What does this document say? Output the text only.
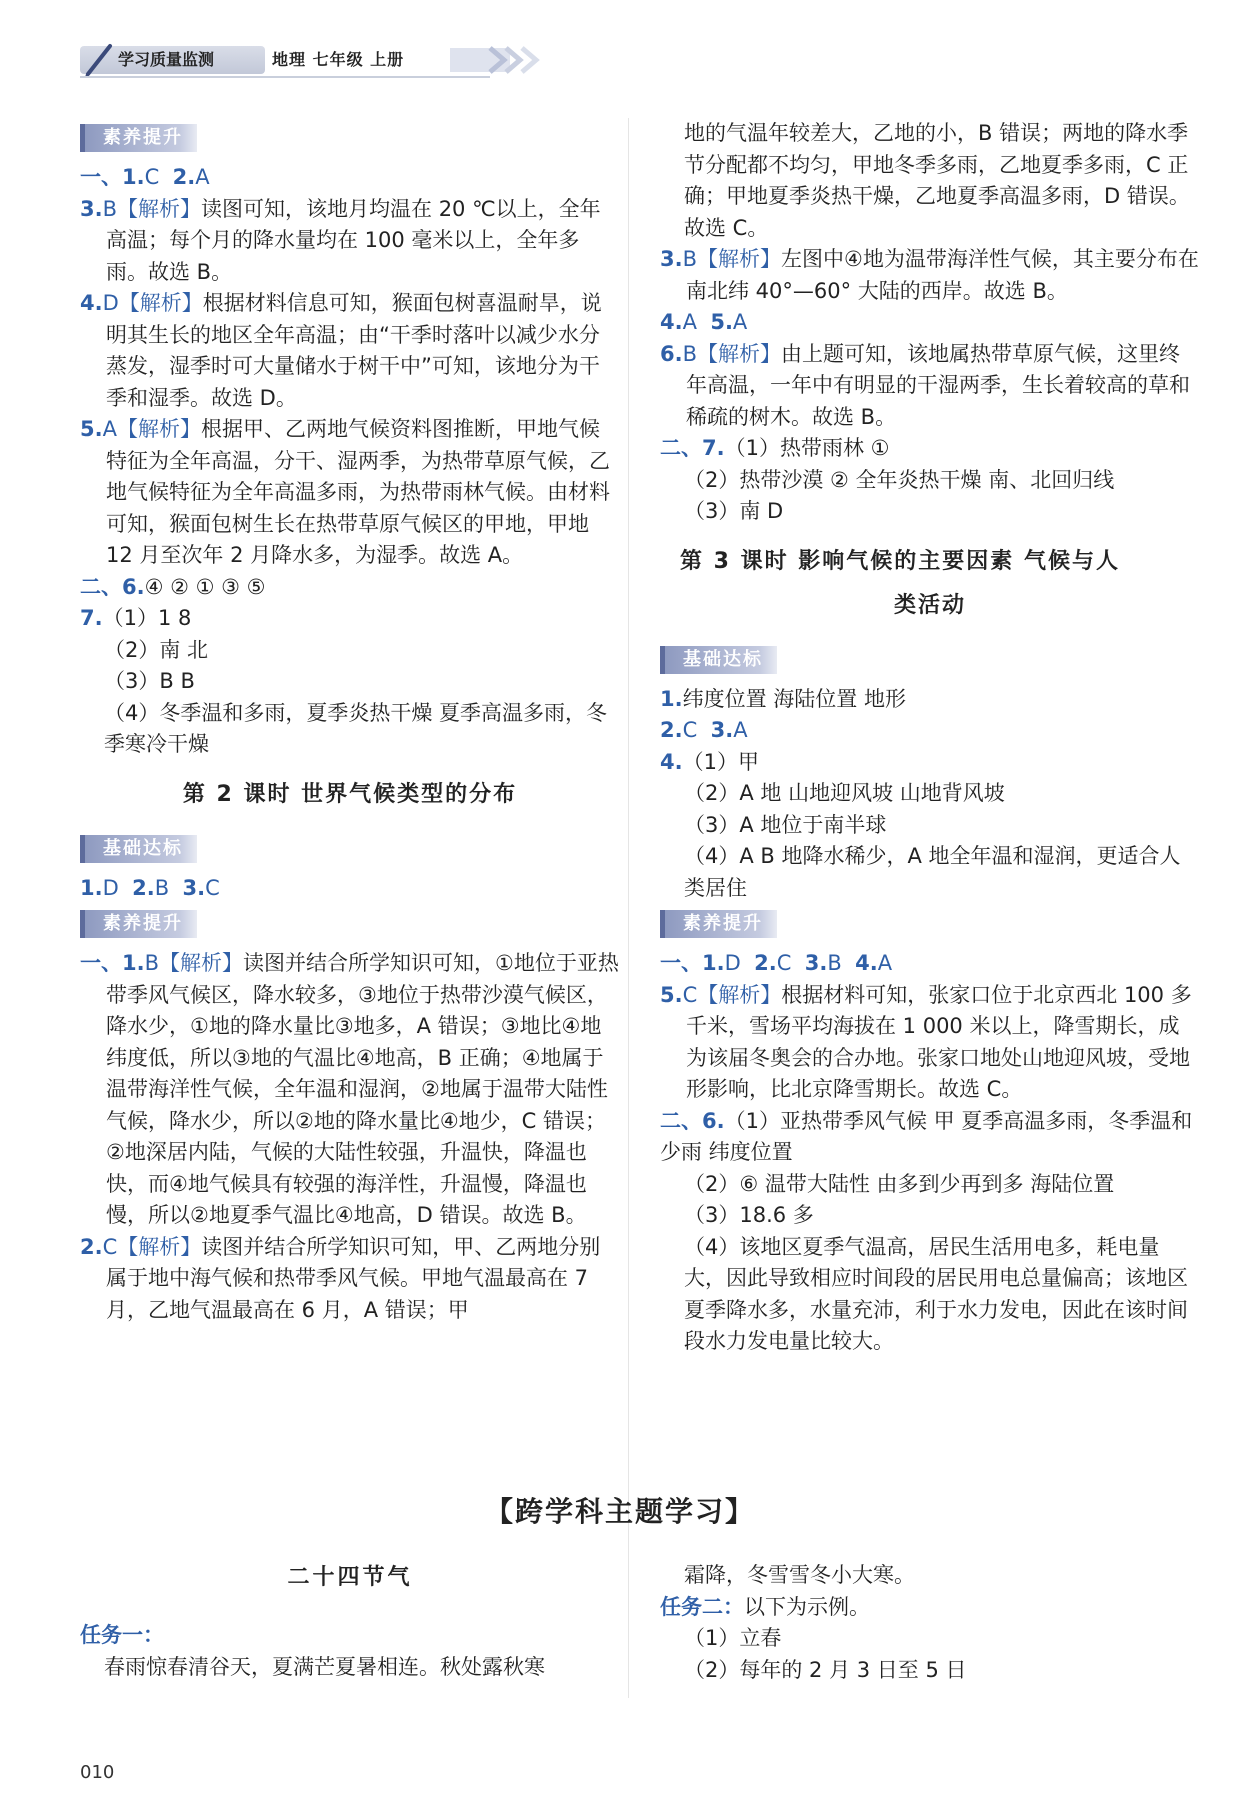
学习质量监测	地理 七年级 上册
素养提升

一、1.C 2.A

3.B【解析】读图可知，该地月均温在 20 ℃以上，全年高温；每个月的降水量均在 100 毫米以上，全年多雨。故选 B。

4.D【解析】根据材料信息可知，猴面包树喜温耐旱，说明其生长的地区全年高温；由“干季时落叶以减少水分蒸发，湿季时可大量储水于树干中”可知，该地分为干季和湿季。故选 D。

5.A【解析】根据甲、乙两地气候资料图推断，甲地气候特征为全年高温，分干、湿两季，为热带草原气候，乙地气候特征为全年高温多雨，为热带雨林气候。由材料可知，猴面包树生长在热带草原气候区的甲地，甲地 12 月至次年 2 月降水多，为湿季。故选 A。

二、6.④ ② ① ③ ⑤

7.（1）1 8

（2）南 北

（3）B B

（4）冬季温和多雨，夏季炎热干燥 夏季高温多雨，冬季寒冷干燥

第 2 课时 世界气候类型的分布
基础达标

1.D 2.B 3.C

素养提升

一、1.B【解析】读图并结合所学知识可知，①地位于亚热带季风气候区，降水较多，③地位于热带沙漠气候区，降水少，①地的降水量比③地多，A 错误；③地比④地纬度低，所以③地的气温比④地高，B 正确；④地属于温带海洋性气候，全年温和湿润，②地属于温带大陆性气候，降水少，所以②地的降水量比④地少，C 错误；②地深居内陆，气候的大陆性较强，升温快，降温也快，而④地气候具有较强的海洋性，升温慢，降温也慢，所以②地夏季气温比④地高，D 错误。故选 B。

2.C【解析】读图并结合所学知识可知，甲、乙两地分别属于地中海气候和热带季风气候。甲地气温最高在 7 月，乙地气温最高在 6 月，A 错误；甲

地的气温年较差大，乙地的小，B 错误；两地的降水季节分配都不均匀，甲地冬季多雨，乙地夏季多雨，C 正确；甲地夏季炎热干燥，乙地夏季高温多雨，D 错误。故选 C。

3.B【解析】左图中④地为温带海洋性气候，其主要分布在南北纬 40°—60° 大陆的西岸。故选 B。

4.A 5.A

6.B【解析】由上题可知，该地属热带草原气候，这里终年高温，一年中有明显的干湿两季，生长着较高的草和稀疏的树木。故选 B。

二、7.（1）热带雨林 ①

（2）热带沙漠 ② 全年炎热干燥 南、北回归线

（3）南 D

第 3 课时 影响气候的主要因素 气候与人
类活动
基础达标

1.纬度位置 海陆位置 地形

2.C 3.A

4.（1）甲

（2）A 地 山地迎风坡 山地背风坡

（3）A 地位于南半球

（4）A B 地降水稀少，A 地全年温和湿润，更适合人类居住

素养提升

一、1.D 2.C 3.B 4.A

5.C【解析】根据材料可知，张家口位于北京西北 100 多千米，雪场平均海拔在 1 000 米以上，降雪期长，成为该届冬奥会的合办地。张家口地处山地迎风坡，受地形影响，比北京降雪期长。故选 C。

二、6.（1）亚热带季风气候 甲 夏季高温多雨，冬季温和少雨 纬度位置

（2）⑥ 温带大陆性 由多到少再到多 海陆位置

（3）18.6 多

（4）该地区夏季气温高，居民生活用电多，耗电量大，因此导致相应时间段的居民用电总量偏高；该地区夏季降水多，水量充沛，利于水力发电，因此在该时间段水力发电量比较大。

【跨学科主题学习】
二十四节气

任务一：

春雨惊春清谷天，夏满芒夏暑相连。秋处露秋寒

霜降，冬雪雪冬小大寒。

任务二：以下为示例。

（1）立春

（2）每年的 2 月 3 日至 5 日

010
